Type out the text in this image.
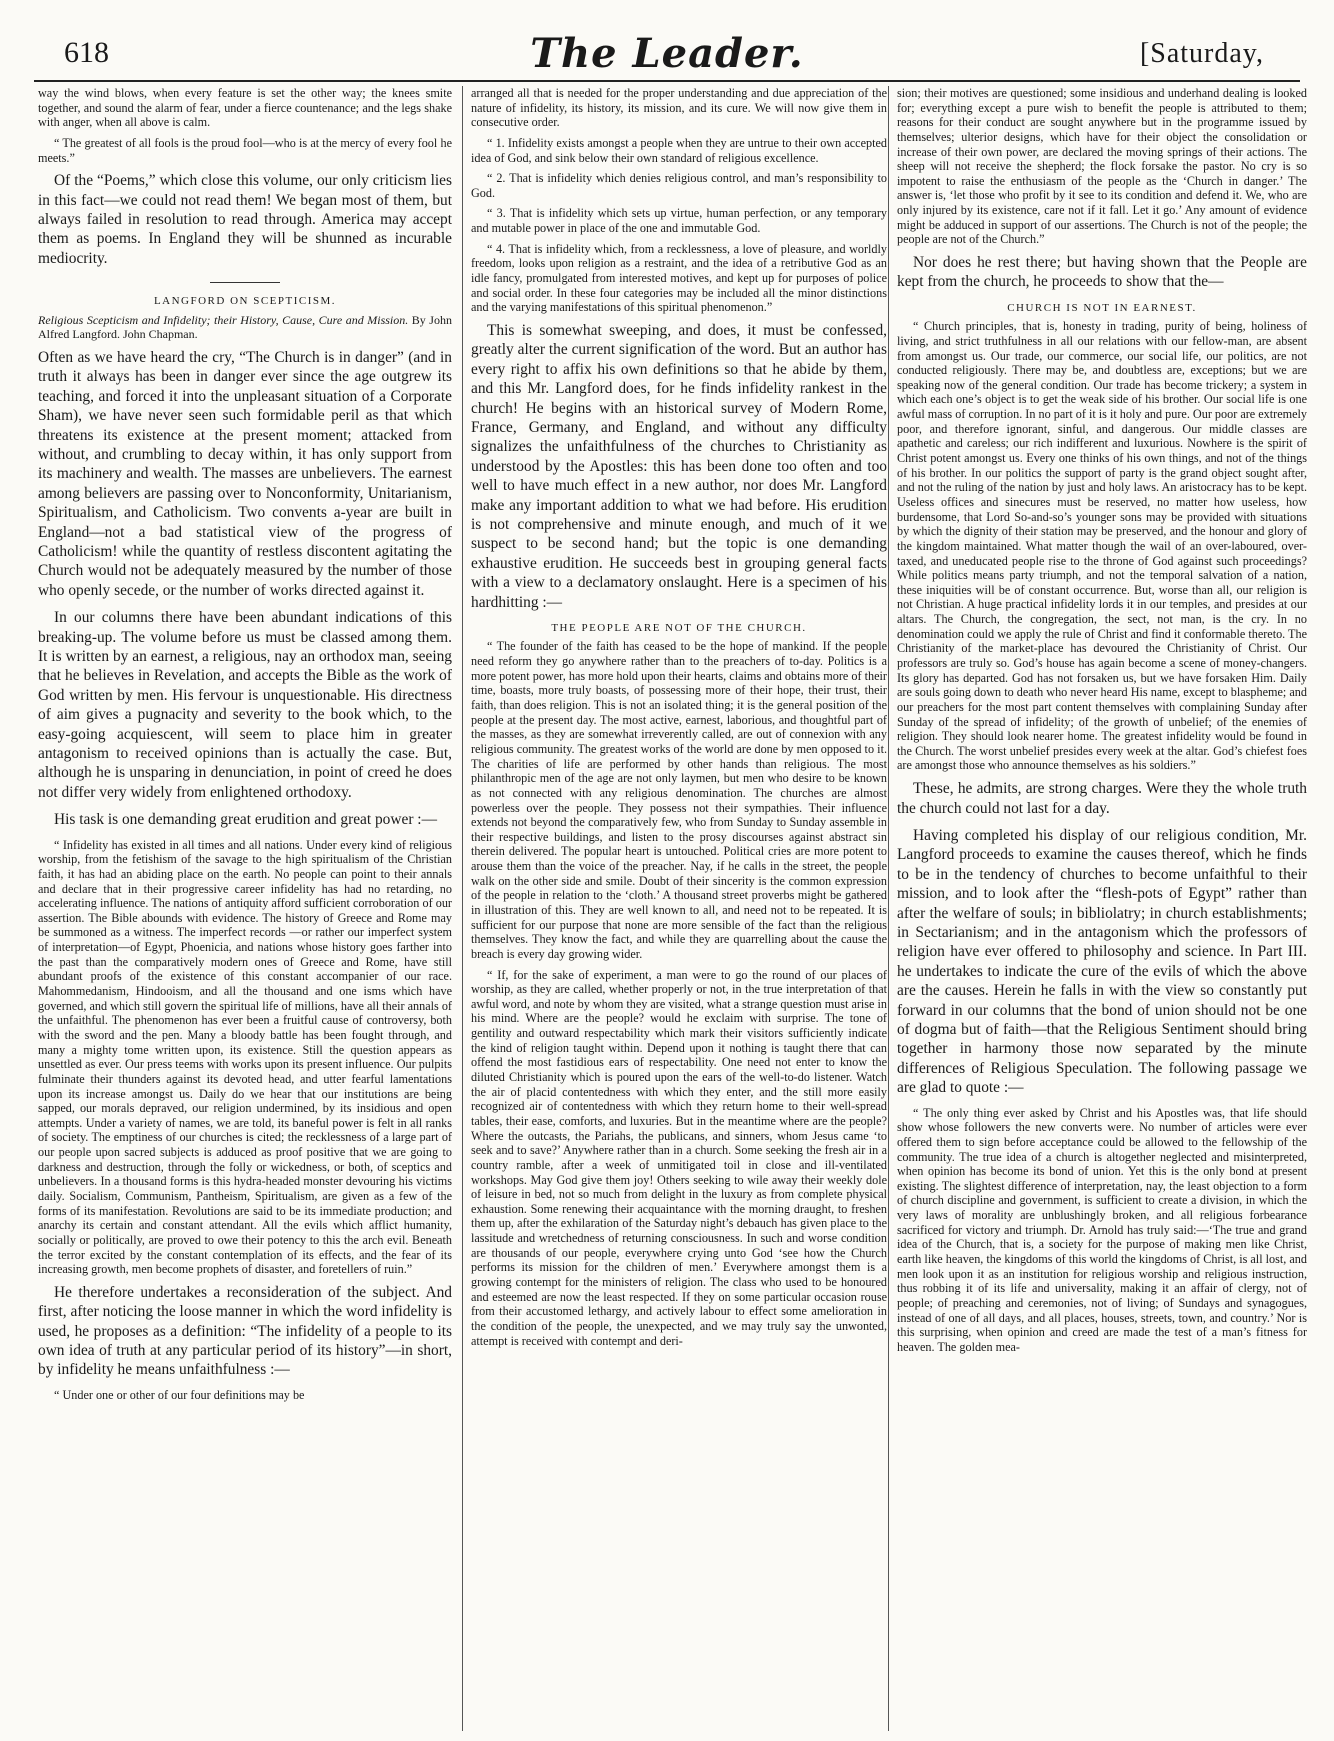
618	The Leader.	[Saturday,

way the wind blows, when every feature is set the other way; the knees smite together, and sound the alarm of fear, under a fierce countenance; and the legs shake with anger, when all above is calm.

“ The greatest of all fools is the proud fool—who is at the mercy of every fool he meets.”

Of the “Poems,” which close this volume, our only criticism lies in this fact—we could not read them! We began most of them, but always failed in resolution to read through. America may accept them as poems. In England they will be shunned as incurable mediocrity.

LANGFORD ON SCEPTICISM.
Religious Scepticism and Infidelity; their History, Cause, Cure and Mission. By John Alfred Langford. John Chapman.

Often as we have heard the cry, “The Church is in danger” (and in truth it always has been in danger ever since the age outgrew its teaching, and forced it into the unpleasant situation of a Corporate Sham), we have never seen such formidable peril as that which threatens its existence at the present moment; attacked from without, and crumbling to decay within, it has only support from its machinery and wealth. The masses are unbelievers. The earnest among believers are passing over to Nonconformity, Unitarianism, Spiritualism, and Catholicism. Two convents a-year are built in England—not a bad statistical view of the progress of Catholicism! while the quantity of restless discontent agitating the Church would not be adequately measured by the number of those who openly secede, or the number of works directed against it.

In our columns there have been abundant indications of this breaking-up. The volume before us must be classed among them. It is written by an earnest, a religious, nay an orthodox man, seeing that he believes in Revelation, and accepts the Bible as the work of God written by men. His fervour is unquestionable. His directness of aim gives a pugnacity and severity to the book which, to the easy-going acquiescent, will seem to place him in greater antagonism to received opinions than is actually the case. But, although he is unsparing in denunciation, in point of creed he does not differ very widely from enlightened orthodoxy.

His task is one demanding great erudition and great power :—

“ Infidelity has existed in all times and all nations. Under every kind of religious worship, from the fetishism of the savage to the high spiritualism of the Christian faith, it has had an abiding place on the earth. No people can point to their annals and declare that in their progressive career infidelity has had no retarding, no accelerating influence. The nations of antiquity afford sufficient corroboration of our assertion. The Bible abounds with evidence. The history of Greece and Rome may be summoned as a witness. The imperfect records —or rather our imperfect system of interpretation—of Egypt, Phoenicia, and nations whose history goes farther into the past than the comparatively modern ones of Greece and Rome, have still abundant proofs of the existence of this constant accompanier of our race. Mahommedanism, Hindooism, and all the thousand and one isms which have governed, and which still govern the spiritual life of millions, have all their annals of the unfaithful. The phenomenon has ever been a fruitful cause of controversy, both with the sword and the pen. Many a bloody battle has been fought through, and many a mighty tome written upon, its existence. Still the question appears as unsettled as ever. Our press teems with works upon its present influence. Our pulpits fulminate their thunders against its devoted head, and utter fearful lamentations upon its increase amongst us. Daily do we hear that our institutions are being sapped, our morals depraved, our religion undermined, by its insidious and open attempts. Under a variety of names, we are told, its baneful power is felt in all ranks of society. The emptiness of our churches is cited; the recklessness of a large part of our people upon sacred subjects is adduced as proof positive that we are going to darkness and destruction, through the folly or wickedness, or both, of sceptics and unbelievers. In a thousand forms is this hydra-headed monster devouring his victims daily. Socialism, Communism, Pantheism, Spiritualism, are given as a few of the forms of its manifestation. Revolutions are said to be its immediate production; and anarchy its certain and constant attendant. All the evils which afflict humanity, socially or politically, are proved to owe their potency to this the arch evil. Beneath the terror excited by the constant contemplation of its effects, and the fear of its increasing growth, men become prophets of disaster, and foretellers of ruin.”

He therefore undertakes a reconsideration of the subject. And first, after noticing the loose manner in which the word infidelity is used, he proposes as a definition: “The infidelity of a people to its own idea of truth at any particular period of its history”—in short, by infidelity he means unfaithfulness :—

“ Under one or other of our four definitions may be

arranged all that is needed for the proper understanding and due appreciation of the nature of infidelity, its history, its mission, and its cure. We will now give them in consecutive order.

“ 1. Infidelity exists amongst a people when they are untrue to their own accepted idea of God, and sink below their own standard of religious excellence.

“ 2. That is infidelity which denies religious control, and man’s responsibility to God.

“ 3. That is infidelity which sets up virtue, human perfection, or any temporary and mutable power in place of the one and immutable God.

“ 4. That is infidelity which, from a recklessness, a love of pleasure, and worldly freedom, looks upon religion as a restraint, and the idea of a retributive God as an idle fancy, promulgated from interested motives, and kept up for purposes of police and social order. In these four categories may be included all the minor distinctions and the varying manifestations of this spiritual phenomenon.”

This is somewhat sweeping, and does, it must be confessed, greatly alter the current signification of the word. But an author has every right to affix his own definitions so that he abide by them, and this Mr. Langford does, for he finds infidelity rankest in the church! He begins with an historical survey of Modern Rome, France, Germany, and England, and without any difficulty signalizes the unfaithfulness of the churches to Christianity as understood by the Apostles: this has been done too often and too well to have much effect in a new author, nor does Mr. Langford make any important addition to what we had before. His erudition is not comprehensive and minute enough, and much of it we suspect to be second hand; but the topic is one demanding exhaustive erudition. He succeeds best in grouping general facts with a view to a declamatory onslaught. Here is a specimen of his hardhitting :—

THE PEOPLE ARE NOT OF THE CHURCH.

“ The founder of the faith has ceased to be the hope of mankind. If the people need reform they go anywhere rather than to the preachers of to-day. Politics is a more potent power, has more hold upon their hearts, claims and obtains more of their time, boasts, more truly boasts, of possessing more of their hope, their trust, their faith, than does religion. This is not an isolated thing; it is the general position of the people at the present day. The most active, earnest, laborious, and thoughtful part of the masses, as they are somewhat irreverently called, are out of connexion with any religious community. The greatest works of the world are done by men opposed to it. The charities of life are performed by other hands than religious. The most philanthropic men of the age are not only laymen, but men who desire to be known as not connected with any religious denomination. The churches are almost powerless over the people. They possess not their sympathies. Their influence extends not beyond the comparatively few, who from Sunday to Sunday assemble in their respective buildings, and listen to the prosy discourses against abstract sin therein delivered. The popular heart is untouched. Political cries are more potent to arouse them than the voice of the preacher. Nay, if he calls in the street, the people walk on the other side and smile. Doubt of their sincerity is the common expression of the people in relation to the ‘cloth.’ A thousand street proverbs might be gathered in illustration of this. They are well known to all, and need not to be repeated. It is sufficient for our purpose that none are more sensible of the fact than the religious themselves. They know the fact, and while they are quarrelling about the cause the breach is every day growing wider.

“ If, for the sake of experiment, a man were to go the round of our places of worship, as they are called, whether properly or not, in the true interpretation of that awful word, and note by whom they are visited, what a strange question must arise in his mind. Where are the people? would he exclaim with surprise. The tone of gentility and outward respectability which mark their visitors sufficiently indicate the kind of religion taught within. Depend upon it nothing is taught there that can offend the most fastidious ears of respectability. One need not enter to know the diluted Christianity which is poured upon the ears of the well-to-do listener. Watch the air of placid contentedness with which they enter, and the still more easily recognized air of contentedness with which they return home to their well-spread tables, their ease, comforts, and luxuries. But in the meantime where are the people? Where the outcasts, the Pariahs, the publicans, and sinners, whom Jesus came ‘to seek and to save?’ Anywhere rather than in a church. Some seeking the fresh air in a country ramble, after a week of unmitigated toil in close and ill-ventilated workshops. May God give them joy! Others seeking to wile away their weekly dole of leisure in bed, not so much from delight in the luxury as from complete physical exhaustion. Some renewing their acquaintance with the morning draught, to freshen them up, after the exhilaration of the Saturday night’s debauch has given place to the lassitude and wretchedness of returning consciousness. In such and worse condition are thousands of our people, everywhere crying unto God ‘see how the Church performs its mission for the children of men.’ Everywhere amongst them is a growing contempt for the ministers of religion. The class who used to be honoured and esteemed are now the least respected. If they on some particular occasion rouse from their accustomed lethargy, and actively labour to effect some amelioration in the condition of the people, the unexpected, and we may truly say the unwonted, attempt is received with contempt and deri-

sion; their motives are questioned; some insidious and underhand dealing is looked for; everything except a pure wish to benefit the people is attributed to them; reasons for their conduct are sought anywhere but in the programme issued by themselves; ulterior designs, which have for their object the consolidation or increase of their own power, are declared the moving springs of their actions. The sheep will not receive the shepherd; the flock forsake the pastor. No cry is so impotent to raise the enthusiasm of the people as the ‘Church in danger.’ The answer is, ‘let those who profit by it see to its condition and defend it. We, who are only injured by its existence, care not if it fall. Let it go.’ Any amount of evidence might be adduced in support of our assertions. The Church is not of the people; the people are not of the Church.”

Nor does he rest there; but having shown that the People are kept from the church, he proceeds to show that the—

CHURCH IS NOT IN EARNEST.

“ Church principles, that is, honesty in trading, purity of being, holiness of living, and strict truthfulness in all our relations with our fellow-man, are absent from amongst us. Our trade, our commerce, our social life, our politics, are not conducted religiously. There may be, and doubtless are, exceptions; but we are speaking now of the general condition. Our trade has become trickery; a system in which each one’s object is to get the weak side of his brother. Our social life is one awful mass of corruption. In no part of it is it holy and pure. Our poor are extremely poor, and therefore ignorant, sinful, and dangerous. Our middle classes are apathetic and careless; our rich indifferent and luxurious. Nowhere is the spirit of Christ potent amongst us. Every one thinks of his own things, and not of the things of his brother. In our politics the support of party is the grand object sought after, and not the ruling of the nation by just and holy laws. An aristocracy has to be kept. Useless offices and sinecures must be reserved, no matter how useless, how burdensome, that Lord So-and-so’s younger sons may be provided with situations by which the dignity of their station may be preserved, and the honour and glory of the kingdom maintained. What matter though the wail of an over-laboured, over-taxed, and uneducated people rise to the throne of God against such proceedings? While politics means party triumph, and not the temporal salvation of a nation, these iniquities will be of constant occurrence. But, worse than all, our religion is not Christian. A huge practical infidelity lords it in our temples, and presides at our altars. The Church, the congregation, the sect, not man, is the cry. In no denomination could we apply the rule of Christ and find it conformable thereto. The Christianity of the market-place has devoured the Christianity of Christ. Our professors are truly so. God’s house has again become a scene of money-changers. Its glory has departed. God has not forsaken us, but we have forsaken Him. Daily are souls going down to death who never heard His name, except to blaspheme; and our preachers for the most part content themselves with complaining Sunday after Sunday of the spread of infidelity; of the growth of unbelief; of the enemies of religion. They should look nearer home. The greatest infidelity would be found in the Church. The worst unbelief presides every week at the altar. God’s chiefest foes are amongst those who announce themselves as his soldiers.”

These, he admits, are strong charges. Were they the whole truth the church could not last for a day.

Having completed his display of our religious condition, Mr. Langford proceeds to examine the causes thereof, which he finds to be in the tendency of churches to become unfaithful to their mission, and to look after the “flesh-pots of Egypt” rather than after the welfare of souls; in bibliolatry; in church establishments; in Sectarianism; and in the antagonism which the professors of religion have ever offered to philosophy and science. In Part III. he undertakes to indicate the cure of the evils of which the above are the causes. Herein he falls in with the view so constantly put forward in our columns that the bond of union should not be one of dogma but of faith—that the Religious Sentiment should bring together in harmony those now separated by the minute differences of Religious Speculation. The following passage we are glad to quote :—

“ The only thing ever asked by Christ and his Apostles was, that life should show whose followers the new converts were. No number of articles were ever offered them to sign before acceptance could be allowed to the fellowship of the community. The true idea of a church is altogether neglected and misinterpreted, when opinion has become its bond of union. Yet this is the only bond at present existing. The slightest difference of interpretation, nay, the least objection to a form of church discipline and government, is sufficient to create a division, in which the very laws of morality are unblushingly broken, and all religious forbearance sacrificed for victory and triumph. Dr. Arnold has truly said:—‘The true and grand idea of the Church, that is, a society for the purpose of making men like Christ, earth like heaven, the kingdoms of this world the kingdoms of Christ, is all lost, and men look upon it as an institution for religious worship and religious instruction, thus robbing it of its life and universality, making it an affair of clergy, not of people; of preaching and ceremonies, not of living; of Sundays and synagogues, instead of one of all days, and all places, houses, streets, town, and country.’ Nor is this surprising, when opinion and creed are made the test of a man’s fitness for heaven. The golden mea-
